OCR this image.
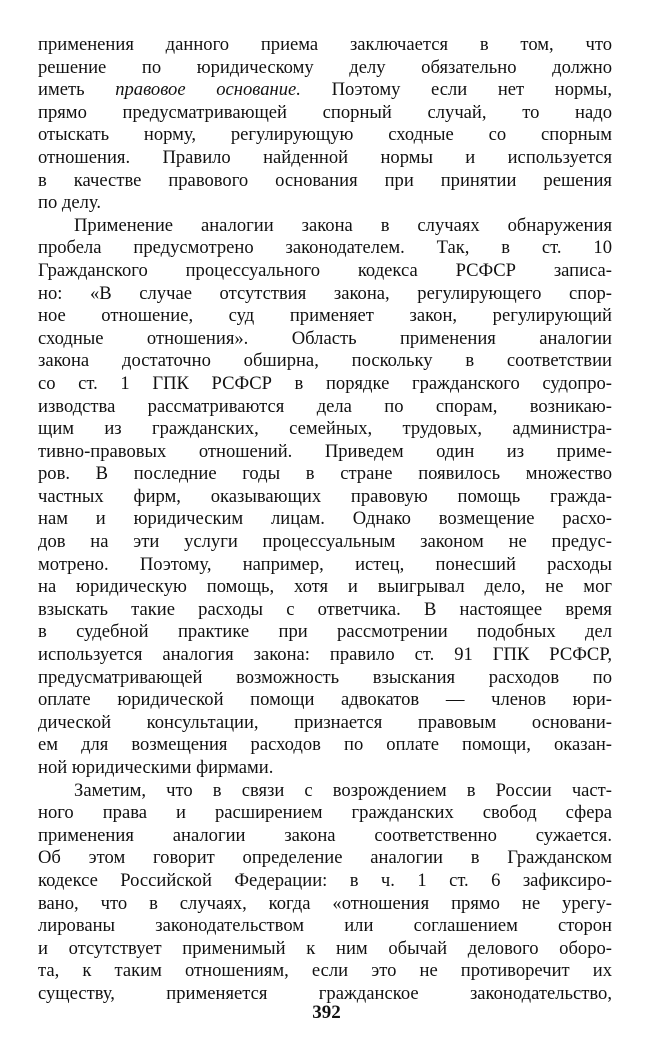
применения данного приема заключается в том, что
решение по юридическому делу обязательно должно
иметь правовое основание. Поэтому если нет нормы,
прямо предусматривающей спорный случай, то надо
отыскать норму, регулирующую сходные со спорным
отношения. Правило найденной нормы и используется
в качестве правового основания при принятии решения
по делу.
Применение аналогии закона в случаях обнаружения
пробела предусмотрено законодателем. Так, в ст. 10
Гражданского процессуального кодекса РСФСР записа-
но: «В случае отсутствия закона, регулирующего спор-
ное отношение, суд применяет закон, регулирующий
сходные отношения». Область применения аналогии
закона достаточно обширна, поскольку в соответствии
со ст. 1 ГПК РСФСР в порядке гражданского судопро-
изводства рассматриваются дела по спорам, возникаю-
щим из гражданских, семейных, трудовых, администра-
тивно-правовых отношений. Приведем один из приме-
ров. В последние годы в стране появилось множество
частных фирм, оказывающих правовую помощь граждa-
нам и юридическим лицам. Однако возмещение расхо-
дов на эти услуги процессуальным законом не предус-
мотрено. Поэтому, например, истец, понесший расходы
на юридическую помощь, хотя и выигрывал дело, не мог
взыскать такие расходы с ответчика. В настоящее время
в судебной практике при рассмотрении подобных дел
используется аналогия закона: правило ст. 91 ГПК РСФСР,
предусматривающей возможность взыскания расходов по
оплате юридической помощи адвокатов — членов юри-
дической консультации, признается правовым основани-
ем для возмещения расходов по оплате помощи, оказан-
ной юридическими фирмами.
Заметим, что в связи с возрождением в России част-
ного права и расширением гражданских свобод сфера
применения аналогии закона соответственно сужается.
Об этом говорит определение аналогии в Гражданском
кодексе Российской Федерации: в ч. 1 ст. 6 зафиксиро-
вано, что в случаях, когда «отношения прямо не урегу-
лированы законодательством или соглашением сторон
и отсутствует применимый к ним обычай делового оборо-
та, к таким отношениям, если это не противоречит их
существу, применяется гражданское законодательство,
392
